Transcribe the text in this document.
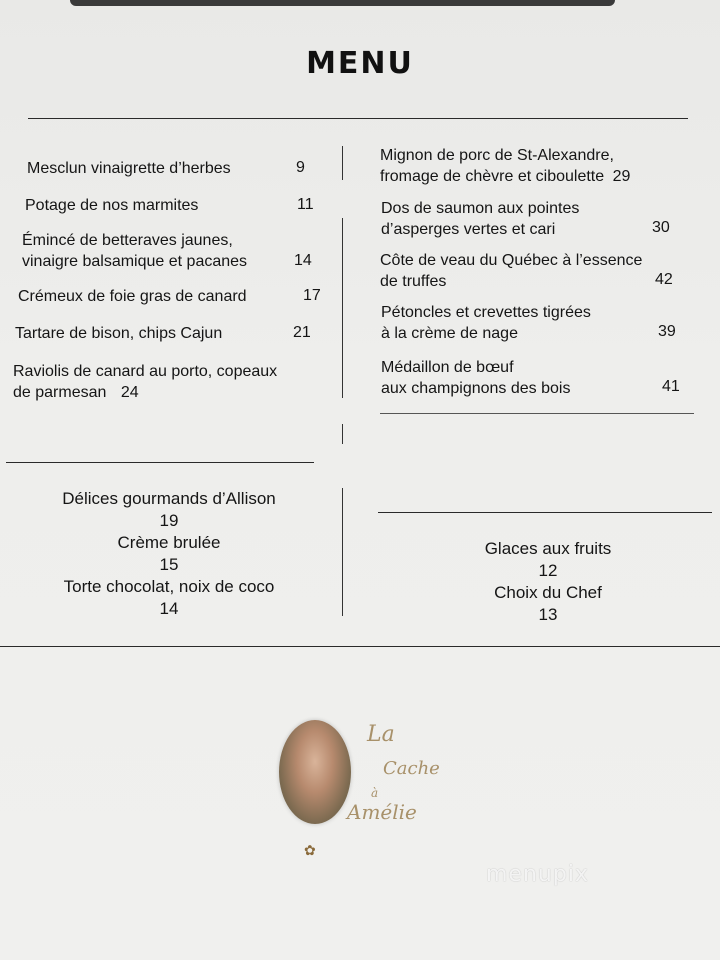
MENU
Mesclun vinaigrette d’herbes	9
Potage de nos marmites	11
Émincé de betteraves jaunes,
vinaigre balsamique et pacanes	14
Crémeux de foie gras de canard	17
Tartare de bison, chips Cajun	21
Raviolis de canard au porto, copeaux
de parmesan 24
Mignon de porc de St-Alexandre,
fromage de chèvre et ciboulette 29
Dos de saumon aux pointes
d’asperges vertes et cari	30
Côte de veau du Québec à l’essence
de truffes	42
Pétoncles et crevettes tigrées
à la crème de nage	39
Médaillon de bœuf
aux champignons des bois	41
Délices gourmands d’Allison
19
Crème brulée
15
Torte chocolat, noix de coco
14
Glaces aux fruits
12
Choix du Chef
13
La
Cache
à
Amélie
✿
menupix
